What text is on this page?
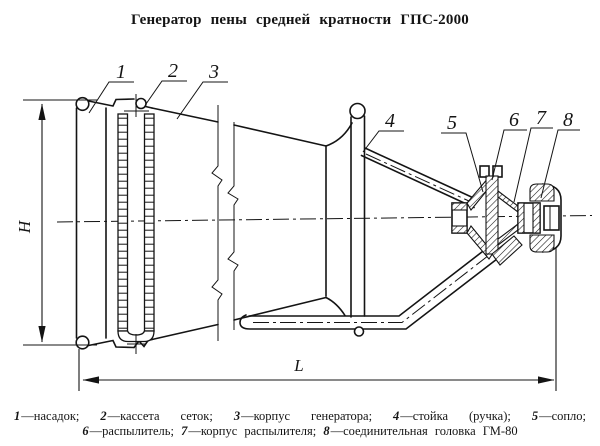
Генератор пены средней кратности ГПС-2000
H
L
1 2 3
4	5	6 7 8
1—насадок; 2—кассета сеток; 3—корпус генератора; 4—стойка (ручка); 5—сопло;
6—распылитель; 7—корпус распылителя; 8—соединительная головка ГМ-80
